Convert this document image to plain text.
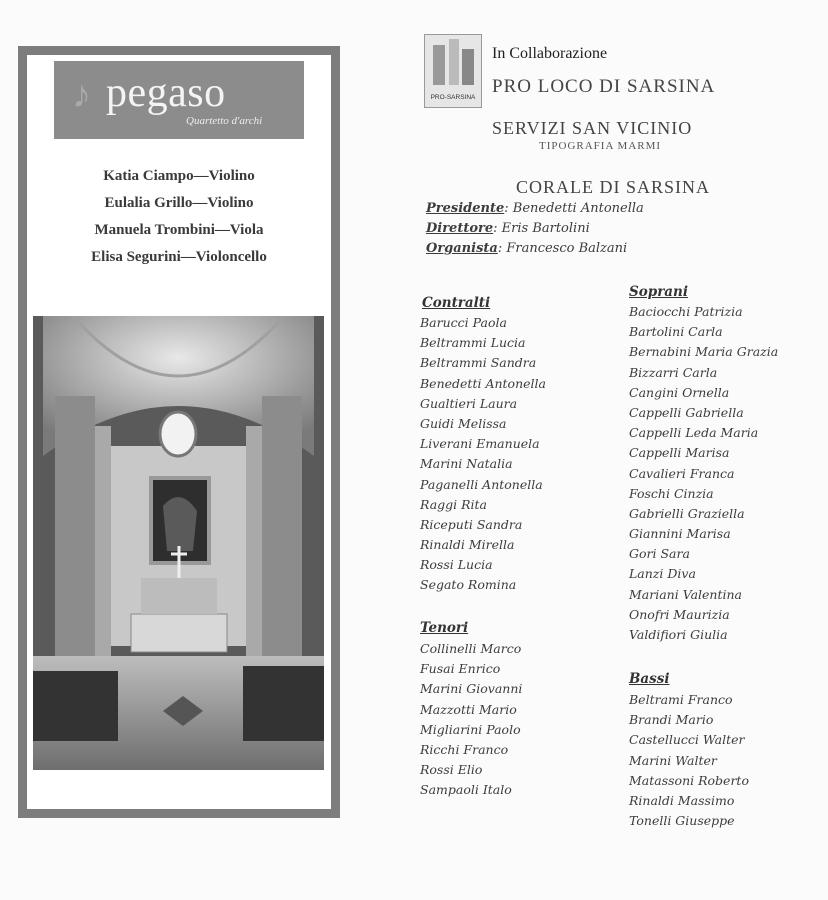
♪ pegaso
Quartetto d'archi
Katia Ciampo—Violino
Eulalia Grillo—Violino
Manuela Trombini—Viola
Elisa Segurini—Violoncello
PRO-SARSINA
In Collaborazione
PRO LOCO DI SARSINA
SERVIZI SAN VICINIO
TIPOGRAFIA MARMI
CORALE DI SARSINA
Presidente: Benedetti Antonella
Direttore: Eris Bartolini
Organista: Francesco Balzani
Contralti
Barucci Paola
Beltrammi Lucia
Beltrammi Sandra
Benedetti Antonella
Gualtieri Laura
Guidi Melissa
Liverani Emanuela
Marini Natalia
Paganelli Antonella
Raggi Rita
Riceputi Sandra
Rinaldi Mirella
Rossi Lucia
Segato Romina
Tenori
Collinelli Marco
Fusai Enrico
Marini Giovanni
Mazzotti Mario
Migliarini Paolo
Ricchi Franco
Rossi Elio
Sampaoli Italo
Soprani
Baciocchi Patrizia
Bartolini Carla
Bernabini Maria Grazia
Bizzarri Carla
Cangini Ornella
Cappelli Gabriella
Cappelli Leda Maria
Cappelli Marisa
Cavalieri Franca
Foschi Cinzia
Gabrielli Graziella
Giannini Marisa
Gori Sara
Lanzi Diva
Mariani Valentina
Onofri Maurizia
Valdifiori Giulia
Bassi
Beltrami Franco
Brandi Mario
Castellucci Walter
Marini Walter
Matassoni Roberto
Rinaldi Massimo
Tonelli Giuseppe
